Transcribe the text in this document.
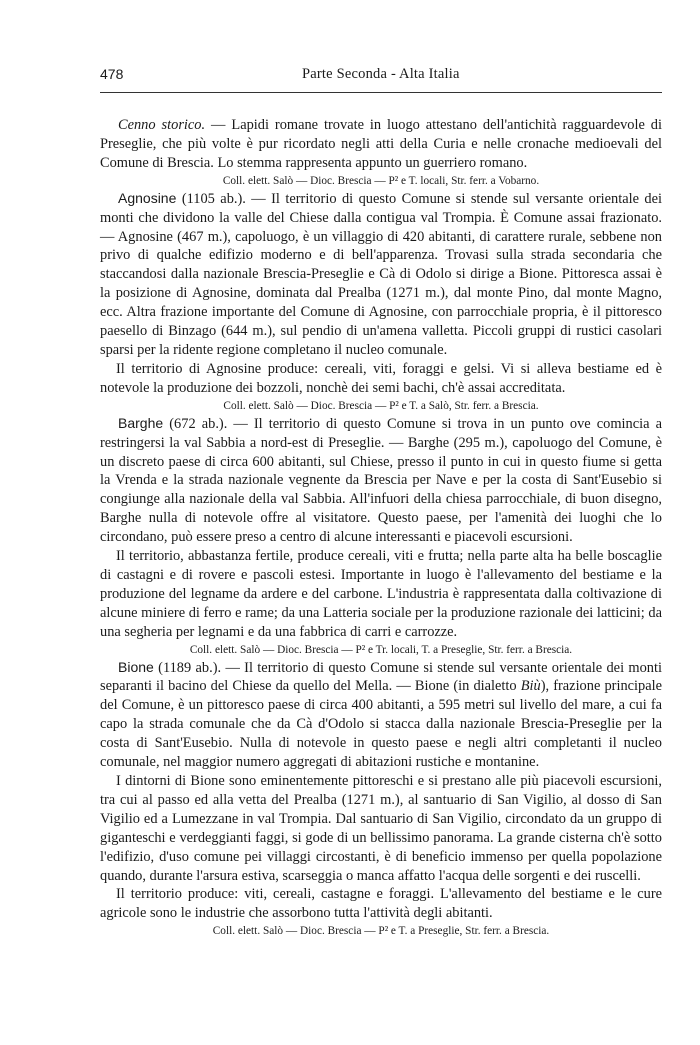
478	Parte Seconda - Alta Italia

Cenno storico. — Lapidi romane trovate in luogo attestano dell'antichità ragguardevole di Preseglie, che più volte è pur ricordato negli atti della Curia e nelle cronache medioevali del Comune di Brescia. Lo stemma rappresenta appunto un guerriero romano.

Coll. elett. Salò — Dioc. Brescia — P² e T. locali, Str. ferr. a Vobarno.

Agnosine (1105 ab.). — Il territorio di questo Comune si stende sul versante orientale dei monti che dividono la valle del Chiese dalla contigua val Trompia. È Comune assai frazionato. — Agnosine (467 m.), capoluogo, è un villaggio di 420 abitanti, di carattere rurale, sebbene non privo di qualche edifizio moderno e di bell'apparenza. Trovasi sulla strada secondaria che staccandosi dalla nazionale Brescia-Preseglie e Cà di Odolo si dirige a Bione. Pittoresca assai è la posizione di Agnosine, dominata dal Prealba (1271 m.), dal monte Pino, dal monte Magno, ecc. Altra frazione importante del Comune di Agnosine, con parrocchiale propria, è il pittoresco paesello di Binzago (644 m.), sul pendio di un'amena valletta. Piccoli gruppi di rustici casolari sparsi per la ridente regione completano il nucleo comunale.

Il territorio di Agnosine produce: cereali, viti, foraggi e gelsi. Vi si alleva bestiame ed è notevole la produzione dei bozzoli, nonchè dei semi bachi, ch'è assai accreditata.

Coll. elett. Salò — Dioc. Brescia — P² e T. a Salò, Str. ferr. a Brescia.

Barghe (672 ab.). — Il territorio di questo Comune si trova in un punto ove comincia a restringersi la val Sabbia a nord-est di Preseglie. — Barghe (295 m.), capoluogo del Comune, è un discreto paese di circa 600 abitanti, sul Chiese, presso il punto in cui in questo fiume si getta la Vrenda e la strada nazionale vegnente da Brescia per Nave e per la costa di Sant'Eusebio si congiunge alla nazionale della val Sabbia. All'infuori della chiesa parrocchiale, di buon disegno, Barghe nulla di notevole offre al visitatore. Questo paese, per l'amenità dei luoghi che lo circondano, può essere preso a centro di alcune interessanti e piacevoli escursioni.

Il territorio, abbastanza fertile, produce cereali, viti e frutta; nella parte alta ha belle boscaglie di castagni e di rovere e pascoli estesi. Importante in luogo è l'allevamento del bestiame e la produzione del legname da ardere e del carbone. L'industria è rappresentata dalla coltivazione di alcune miniere di ferro e rame; da una Latteria sociale per la produzione razionale dei latticini; da una segheria per legnami e da una fabbrica di carri e carrozze.

Coll. elett. Salò — Dioc. Brescia — P² e Tr. locali, T. a Preseglie, Str. ferr. a Brescia.

Bione (1189 ab.). — Il territorio di questo Comune si stende sul versante orientale dei monti separanti il bacino del Chiese da quello del Mella. — Bione (in dialetto Biù), frazione principale del Comune, è un pittoresco paese di circa 400 abitanti, a 595 metri sul livello del mare, a cui fa capo la strada comunale che da Cà d'Odolo si stacca dalla nazionale Brescia-Preseglie per la costa di Sant'Eusebio. Nulla di notevole in questo paese e negli altri completanti il nucleo comunale, nel maggior numero aggregati di abitazioni rustiche e montanine.

I dintorni di Bione sono eminentemente pittoreschi e si prestano alle più piacevoli escursioni, tra cui al passo ed alla vetta del Prealba (1271 m.), al santuario di San Vigilio, al dosso di San Vigilio ed a Lumezzane in val Trompia. Dal santuario di San Vigilio, circondato da un gruppo di giganteschi e verdeggianti faggi, si gode di un bellissimo panorama. La grande cisterna ch'è sotto l'edifizio, d'uso comune pei villaggi circostanti, è di beneficio immenso per quella popolazione quando, durante l'arsura estiva, scarseggia o manca affatto l'acqua delle sorgenti e dei ruscelli.

Il territorio produce: viti, cereali, castagne e foraggi. L'allevamento del bestiame e le cure agricole sono le industrie che assorbono tutta l'attività degli abitanti.

Coll. elett. Salò — Dioc. Brescia — P² e T. a Preseglie, Str. ferr. a Brescia.
